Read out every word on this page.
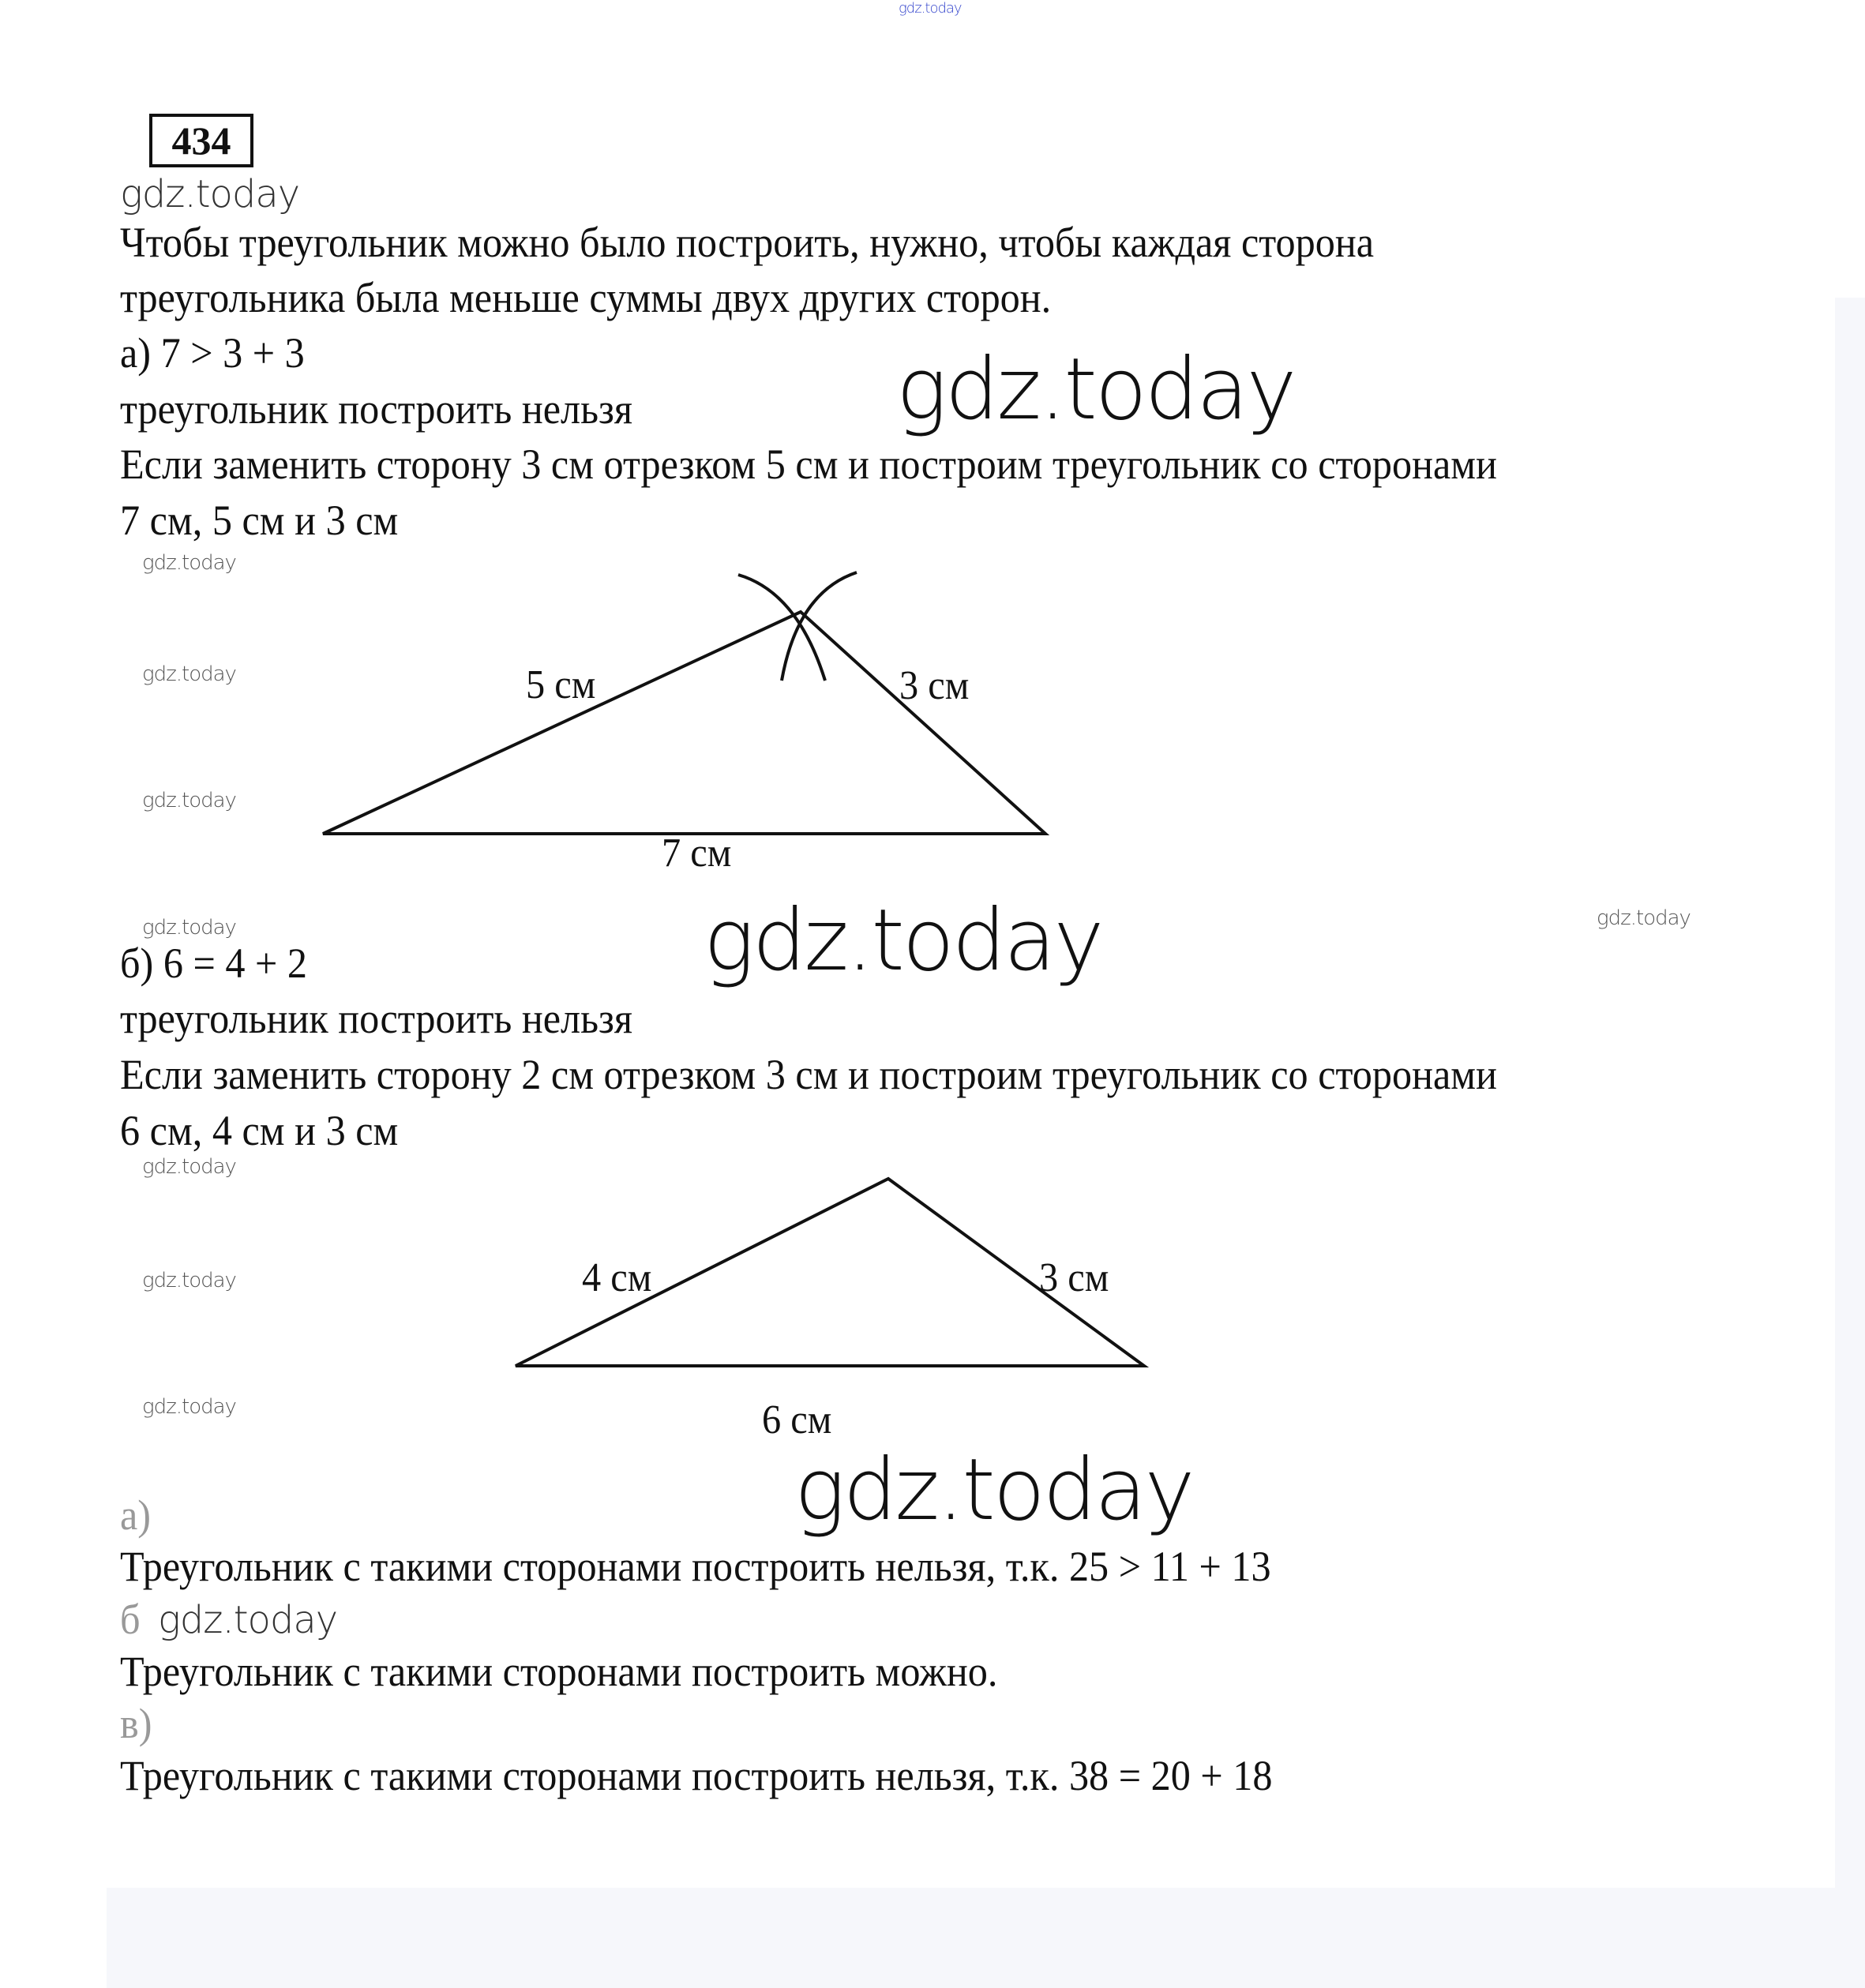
gdz.today
434
gdz.today
Чтобы треугольник можно было построить, нужно, чтобы каждая сторона
треугольника была меньше суммы двух других сторон.
а) 7 > 3 + 3
треугольник построить нельзя	gdz.today
Если заменить сторону 3 см отрезком 5 см и построим треугольник со сторонами
7 см, 5 см и 3 см
gdz.today
gdz.today
gdz.today
gdz.today	gdz.today
5 см	3 см
7 см
б) 6 = 4 + 2	gdz.today
треугольник построить нельзя
Если заменить сторону 2 см отрезком 3 см и построим треугольник со сторонами
6 см, 4 см и 3 см
gdz.today
4 см	3 см
6 см
gdz.today
gdz.today
а)	gdz.today
Треугольник с такими сторонами построить нельзя, т.к. 25 > 11 + 13
б gdz.today
Треугольник с такими сторонами построить можно.
в)
Треугольник с такими сторонами построить нельзя, т.к. 38 = 20 + 18
